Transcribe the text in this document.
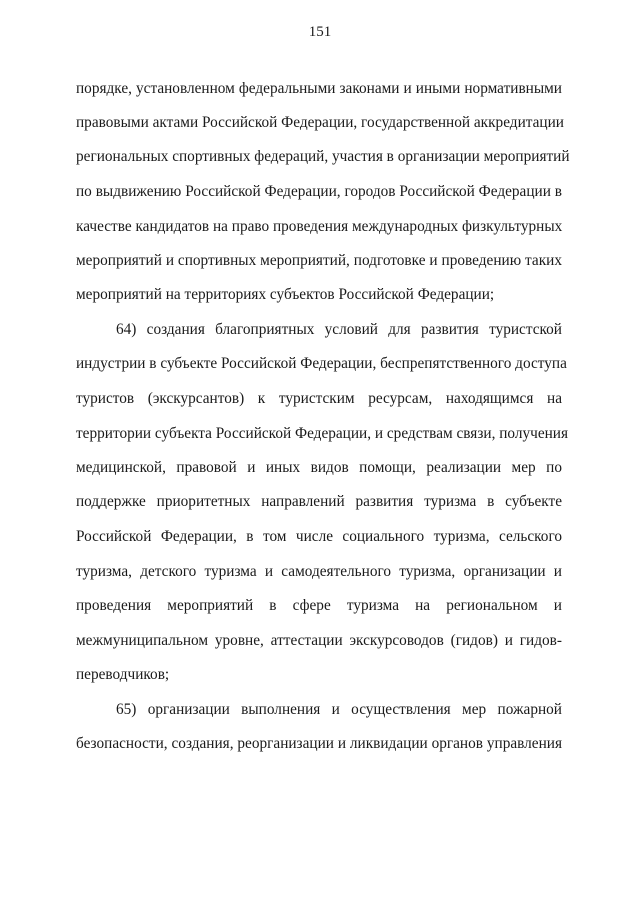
151
порядке, установленном федеральными законами и иными нормативными
правовыми актами Российской Федерации, государственной аккредитации
региональных спортивных федераций, участия в организации мероприятий
по выдвижению Российской Федерации, городов Российской Федерации в
качестве кандидатов на право проведения международных физкультурных
мероприятий и спортивных мероприятий, подготовке и проведению таких
мероприятий на территориях субъектов Российской Федерации;
64) создания благоприятных условий для развития туристской
индустрии в субъекте Российской Федерации, беспрепятственного доступа
туристов (экскурсантов) к туристским ресурсам, находящимся на
территории субъекта Российской Федерации, и средствам связи, получения
медицинской, правовой и иных видов помощи, реализации мер по
поддержке приоритетных направлений развития туризма в субъекте
Российской Федерации, в том числе социального туризма, сельского
туризма, детского туризма и самодеятельного туризма, организации и
проведения мероприятий в сфере туризма на региональном и
межмуниципальном уровне, аттестации экскурсоводов (гидов) и гидов-
переводчиков;
65) организации выполнения и осуществления мер пожарной
безопасности, создания, реорганизации и ликвидации органов управления
